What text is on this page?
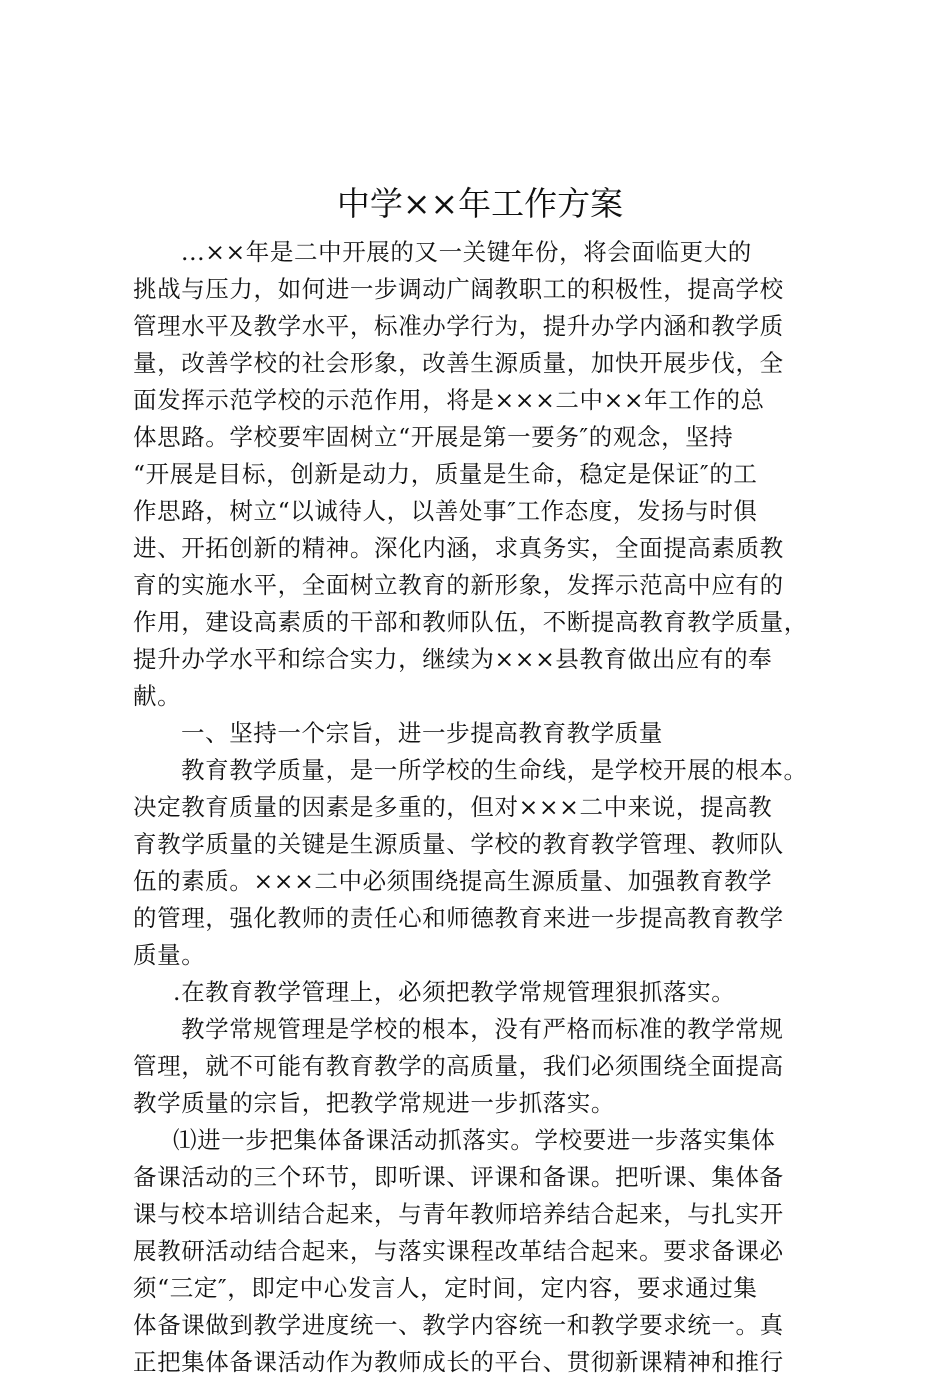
中学××年工作方案
...××年是二中开展的又一关键年份，将会面临更大的
挑战与压力，如何进一步调动广阔教职工的积极性，提高学校
管理水平及教学水平，标准办学行为，提升办学内涵和教学质
量，改善学校的社会形象，改善生源质量，加快开展步伐，全
面发挥示范学校的示范作用，将是×××二中××年工作的总
体思路。学校要牢固树立“开展是第一要务″的观念，坚持
“开展是目标，创新是动力，质量是生命，稳定是保证″的工
作思路，树立“以诚待人，以善处事″工作态度，发扬与时俱
进、开拓创新的精神。深化内涵，求真务实，全面提高素质教
育的实施水平，全面树立教育的新形象，发挥示范高中应有的
作用，建设高素质的干部和教师队伍，不断提高教育教学质量，
提升办学水平和综合实力，继续为×××县教育做出应有的奉
献。
一、坚持一个宗旨，进一步提高教育教学质量
教育教学质量，是一所学校的生命线，是学校开展的根本。
决定教育质量的因素是多重的，但对×××二中来说，提高教
育教学质量的关键是生源质量、学校的教育教学管理、教师队
伍的素质。×××二中必须围绕提高生源质量、加强教育教学
的管理，强化教师的责任心和师德教育来进一步提高教育教学
质量。
.在教育教学管理上，必须把教学常规管理狠抓落实。
教学常规管理是学校的根本，没有严格而标准的教学常规
管理，就不可能有教育教学的高质量，我们必须围绕全面提高
教学质量的宗旨，把教学常规进一步抓落实。
⑴进一步把集体备课活动抓落实。学校要进一步落实集体
备课活动的三个环节，即听课、评课和备课。把听课、集体备
课与校本培训结合起来，与青年教师培养结合起来，与扎实开
展教研活动结合起来，与落实课程改革结合起来。要求备课必
须“三定″，即定中心发言人，定时间，定内容，要求通过集
体备课做到教学进度统一、教学内容统一和教学要求统一。真
正把集体备课活动作为教师成长的平台、贯彻新课精神和推行
